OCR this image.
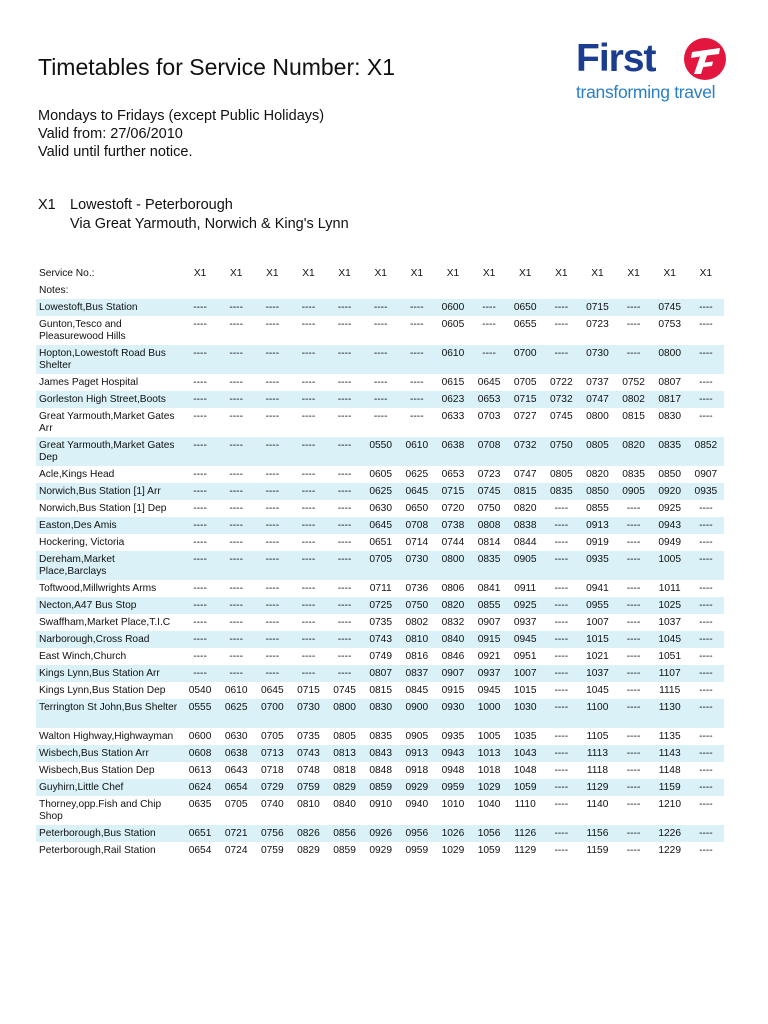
Timetables for Service Number: X1	First
transforming travel
Mondays to Fridays (except Public Holidays)
Valid from: 27/06/2010
Valid until further notice.
X1 Lowestoft - Peterborough
Via Great Yarmouth, Norwich & King's Lynn
Service No.:	X1	X1	X1	X1	X1	X1	X1	X1	X1	X1	X1	X1	X1	X1	X1
Notes:															
Lowestoft,Bus Station	----	----	----	----	----	----	----	0600	----	0650	----	0715	----	0745	----
Gunton,Tesco and Pleasurewood Hills	----	----	----	----	----	----	----	0605	----	0655	----	0723	----	0753	----
Hopton,Lowestoft Road Bus Shelter	----	----	----	----	----	----	----	0610	----	0700	----	0730	----	0800	----
James Paget Hospital	----	----	----	----	----	----	----	0615	0645	0705	0722	0737	0752	0807	----
Gorleston High Street,Boots	----	----	----	----	----	----	----	0623	0653	0715	0732	0747	0802	0817	----
Great Yarmouth,Market Gates Arr	----	----	----	----	----	----	----	0633	0703	0727	0745	0800	0815	0830	----
Great Yarmouth,Market Gates Dep	----	----	----	----	----	0550	0610	0638	0708	0732	0750	0805	0820	0835	0852
Acle,Kings Head	----	----	----	----	----	0605	0625	0653	0723	0747	0805	0820	0835	0850	0907
Norwich,Bus Station [1] Arr	----	----	----	----	----	0625	0645	0715	0745	0815	0835	0850	0905	0920	0935
Norwich,Bus Station [1] Dep	----	----	----	----	----	0630	0650	0720	0750	0820	----	0855	----	0925	----
Easton,Des Amis	----	----	----	----	----	0645	0708	0738	0808	0838	----	0913	----	0943	----
Hockering, Victoria	----	----	----	----	----	0651	0714	0744	0814	0844	----	0919	----	0949	----
Dereham,Market Place,Barclays	----	----	----	----	----	0705	0730	0800	0835	0905	----	0935	----	1005	----
Toftwood,Millwrights Arms	----	----	----	----	----	0711	0736	0806	0841	0911	----	0941	----	1011	----
Necton,A47 Bus Stop	----	----	----	----	----	0725	0750	0820	0855	0925	----	0955	----	1025	----
Swaffham,Market Place,T.I.C	----	----	----	----	----	0735	0802	0832	0907	0937	----	1007	----	1037	----
Narborough,Cross Road	----	----	----	----	----	0743	0810	0840	0915	0945	----	1015	----	1045	----
East Winch,Church	----	----	----	----	----	0749	0816	0846	0921	0951	----	1021	----	1051	----
Kings Lynn,Bus Station Arr	----	----	----	----	----	0807	0837	0907	0937	1007	----	1037	----	1107	----
Kings Lynn,Bus Station Dep	0540	0610	0645	0715	0745	0815	0845	0915	0945	1015	----	1045	----	1115	----
Terrington St John,Bus Shelter	0555	0625	0700	0730	0800	0830	0900	0930	1000	1030	----	1100	----	1130	----
Walton Highway,Highwayman	0600	0630	0705	0735	0805	0835	0905	0935	1005	1035	----	1105	----	1135	----
Wisbech,Bus Station Arr	0608	0638	0713	0743	0813	0843	0913	0943	1013	1043	----	1113	----	1143	----
Wisbech,Bus Station Dep	0613	0643	0718	0748	0818	0848	0918	0948	1018	1048	----	1118	----	1148	----
Guyhirn,Little Chef	0624	0654	0729	0759	0829	0859	0929	0959	1029	1059	----	1129	----	1159	----
Thorney,opp.Fish and Chip Shop	0635	0705	0740	0810	0840	0910	0940	1010	1040	1110	----	1140	----	1210	----
Peterborough,Bus Station	0651	0721	0756	0826	0856	0926	0956	1026	1056	1126	----	1156	----	1226	----
Peterborough,Rail Station	0654	0724	0759	0829	0859	0929	0959	1029	1059	1129	----	1159	----	1229	----
